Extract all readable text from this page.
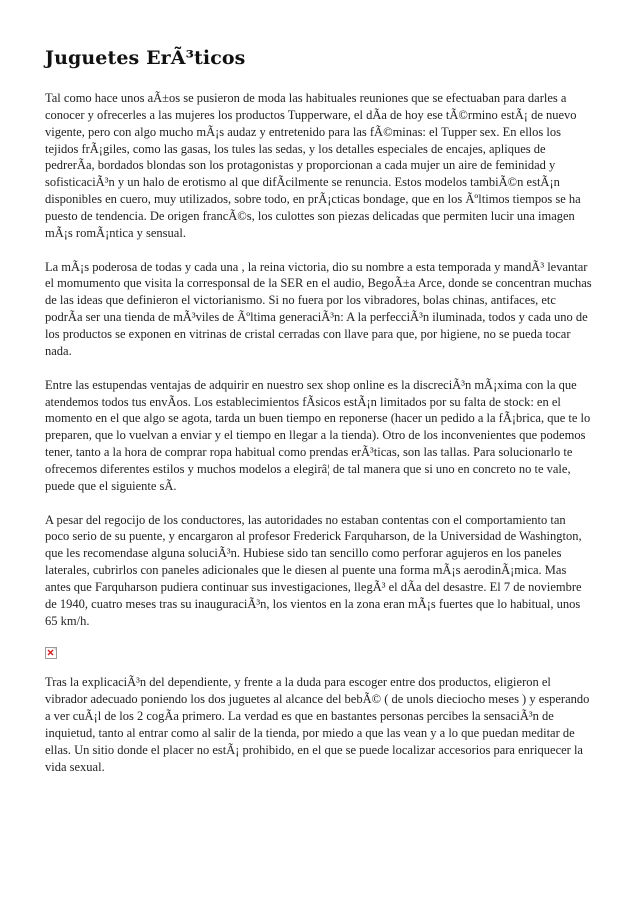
Juguetes ErÃ³ticos

Tal como hace unos aÃ±os se pusieron de moda las habituales reuniones que se efectuaban para darles a conocer y ofrecerles a las mujeres los productos Tupperware, el dÃa de hoy ese tÃ©rmino estÃ¡ de nuevo vigente, pero con algo mucho mÃ¡s audaz y entretenido para las fÃ©minas: el Tupper sex. En ellos los tejidos frÃ¡giles, como las gasas, los tules las sedas, y los detalles especiales de encajes, apliques de pedrerÃa, bordados blondas son los protagonistas y proporcionan a cada mujer un aire de feminidad y sofisticaciÃ³n y un halo de erotismo al que difÃcilmente se renuncia. Estos modelos tambiÃ©n estÃ¡n disponibles en cuero, muy utilizados, sobre todo, en prÃ¡cticas bondage, que en los Ãºltimos tiempos se ha puesto de tendencia. De origen francÃ©s, los culottes son piezas delicadas que permiten lucir una imagen mÃ¡s romÃ¡ntica y sensual.

La mÃ¡s poderosa de todas y cada una , la reina victoria, dio su nombre a esta temporada y mandÃ³ levantar el momumento que visita la corresponsal de la SER en el audio, BegoÃ±a Arce, donde se concentran muchas de las ideas que definieron el victorianismo. Si no fuera por los vibradores, bolas chinas, antifaces, etc podrÃa ser una tienda de mÃ³viles de Ãºltima generaciÃ³n: A la perfecciÃ³n iluminada, todos y cada uno de los productos se exponen en vitrinas de cristal cerradas con llave para que, por higiene, no se pueda tocar nada.

Entre las estupendas ventajas de adquirir en nuestro sex shop online es la discreciÃ³n mÃ¡xima con la que atendemos todos tus envÃos. Los establecimientos fÃsicos estÃ¡n limitados por su falta de stock: en el momento en el que algo se agota, tarda un buen tiempo en reponerse (hacer un pedido a la fÃ¡brica, que te lo preparen, que lo vuelvan a enviar y el tiempo en llegar a la tienda). Otro de los inconvenientes que podemos tener, tanto a la hora de comprar ropa habitual como prendas erÃ³ticas, son las tallas. Para solucionarlo te ofrecemos diferentes estilos y muchos modelos a elegirâ¦ de tal manera que si uno en concreto no te vale, puede que el siguiente sÃ.

A pesar del regocijo de los conductores, las autoridades no estaban contentas con el comportamiento tan poco serio de su puente, y encargaron al profesor Frederick Farquharson, de la Universidad de Washington, que les recomendase alguna soluciÃ³n. Hubiese sido tan sencillo como perforar agujeros en los paneles laterales, cubrirlos con paneles adicionales que le diesen al puente una forma mÃ¡s aerodinÃ¡mica. Mas antes que Farquharson pudiera continuar sus investigaciones, llegÃ³ el dÃa del desastre. El 7 de noviembre de 1940, cuatro meses tras su inauguraciÃ³n, los vientos en la zona eran mÃ¡s fuertes que lo habitual, unos 65 km/h.

Tras la explicaciÃ³n del dependiente, y frente a la duda para escoger entre dos productos, eligieron el vibrador adecuado poniendo los dos juguetes al alcance del bebÃ© ( de unols dieciocho meses ) y esperando a ver cuÃ¡l de los 2 cogÃa primero. La verdad es que en bastantes personas percibes la sensaciÃ³n de inquietud, tanto al entrar como al salir de la tienda, por miedo a que las vean y a lo que puedan meditar de ellas. Un sitio donde el placer no estÃ¡ prohibido, en el que se puede localizar accesorios para enriquecer la vida sexual.
